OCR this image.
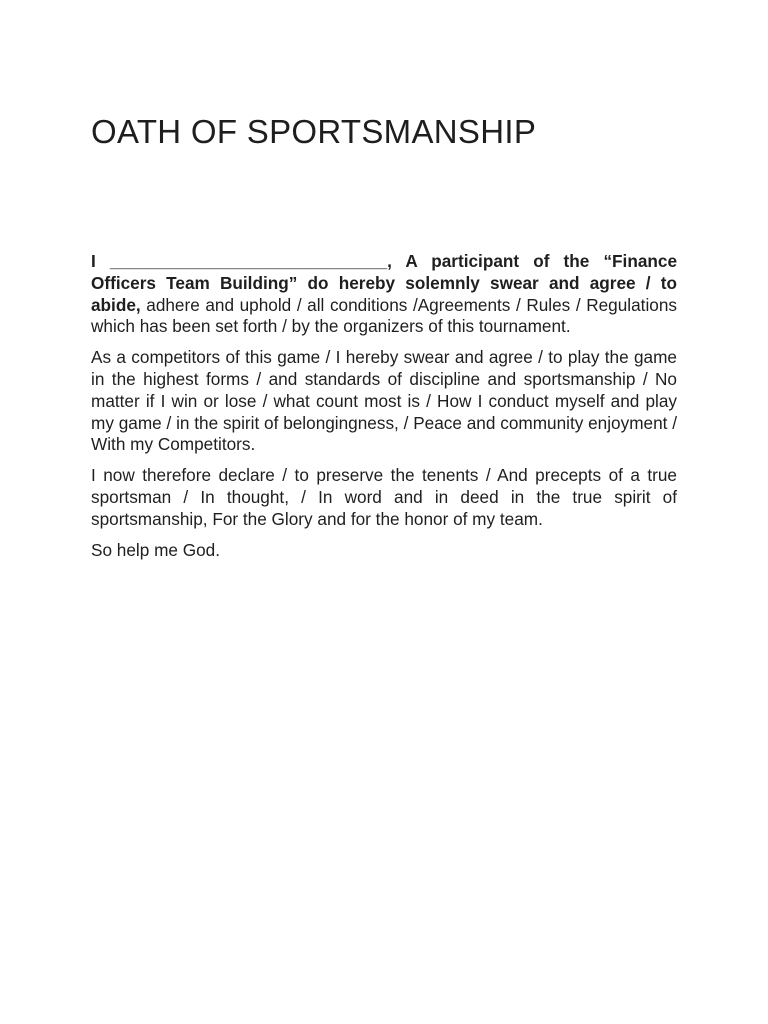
OATH OF SPORTSMANSHIP

I _____________________________, A participant of the “Finance Officers Team Building” do hereby solemnly swear and agree / to abide, adhere and uphold / all conditions /Agreements / Rules / Regulations which has been set forth / by the organizers of this tournament.

As a competitors of this game / I hereby swear and agree / to play the game in the highest forms / and standards of discipline and sportsmanship / No matter if I win or lose / what count most is / How I conduct myself and play my game / in the spirit of belongingness, / Peace and community enjoyment / With my Competitors.

I now therefore declare / to preserve the tenents / And precepts of a true sportsman / In thought, / In word and in deed in the true spirit of sportsmanship, For the Glory and for the honor of my team.

So help me God.
